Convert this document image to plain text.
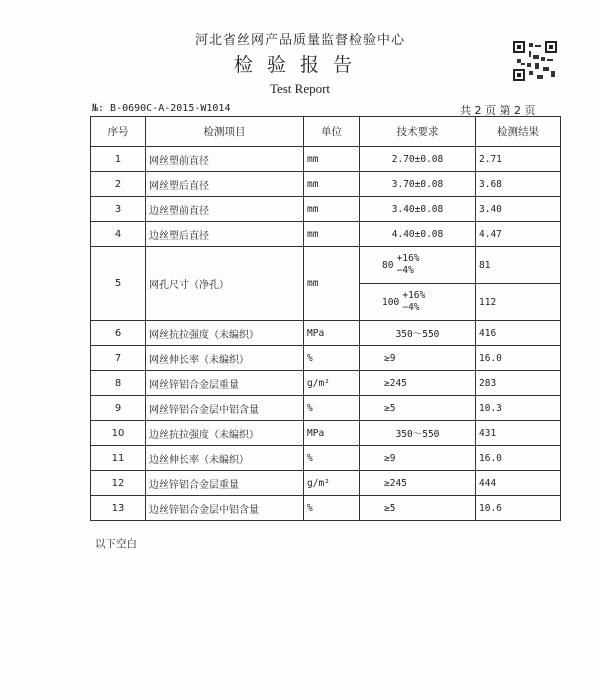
河北省丝网产品质量监督检验中心
检验报告
Test Report
№: B-0690C-A-2015-W1014	共 2 页 第 2 页
序号	检测项目	单位	技术要求	检测结果
1	网丝塑前直径	mm	2.70±0.08	2.71
2	网丝塑后直径	mm	3.70±0.08	3.68
3	边丝塑前直径	mm	3.40±0.08	3.40
4	边丝塑后直径	mm	4.40±0.08	4.47
5	网孔尺寸（净孔）	mm	80 +16%
−4%	81
			100 +16%
−4%	112
6	网丝抗拉强度（未编织）	MPa	350～550	416
7	网丝伸长率（未编织）	%	≥9	16.0
8	网丝锌铝合金层重量	g/m²	≥245	283
9	网丝锌铝合金层中铝含量	%	≥5	10.3
10	边丝抗拉强度（未编织）	MPa	350～550	431
11	边丝伸长率（未编织）	%	≥9	16.0
12	边丝锌铝合金层重量	g/m²	≥245	444
13	边丝锌铝合金层中铝含量	%	≥5	10.6
以下空白
